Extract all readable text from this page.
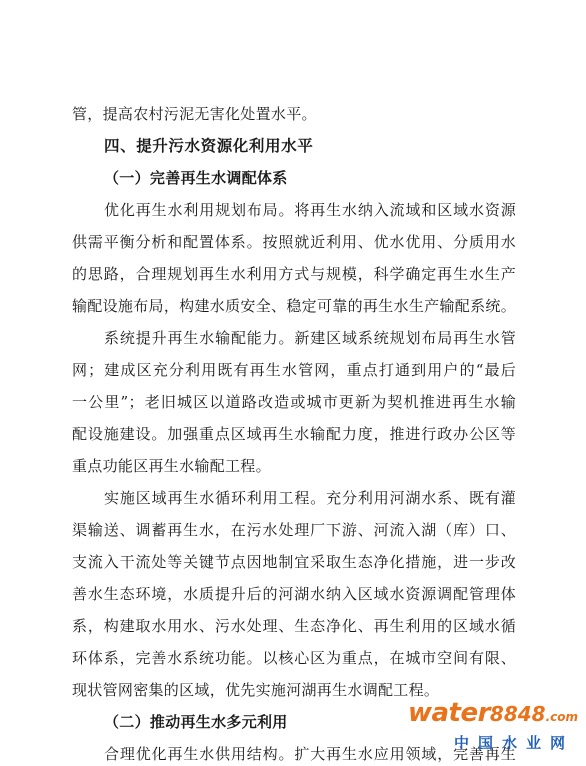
管，提高农村污泥无害化处置水平。
四、提升污水资源化利用水平
（一）完善再生水调配体系
优化再生水利用规划布局。将再生水纳入流域和区域水资源
供需平衡分析和配置体系。按照就近利用、优水优用、分质用水
的思路，合理规划再生水利用方式与规模，科学确定再生水生产
输配设施布局，构建水质安全、稳定可靠的再生水生产输配系统。
系统提升再生水输配能力。新建区域系统规划布局再生水管
网；建成区充分利用既有再生水管网，重点打通到用户的“最后
一公里”；老旧城区以道路改造或城市更新为契机推进再生水输
配设施建设。加强重点区域再生水输配力度，推进行政办公区等
重点功能区再生水输配工程。
实施区域再生水循环利用工程。充分利用河湖水系、既有灌
渠输送、调蓄再生水，在污水处理厂下游、河流入湖（库）口、
支流入干流处等关键节点因地制宜采取生态净化措施，进一步改
善水生态环境，水质提升后的河湖水纳入区域水资源调配管理体
系，构建取水用水、污水处理、生态净化、再生利用的区域水循
环体系，完善水系统功能。以核心区为重点，在城市空间有限、
现状管网密集的区域，优先实施河湖再生水调配工程。
（二）推动再生水多元利用
合理优化再生水供用结构。扩大再生水应用领域，完善再生
water8848.com
中国水业网
